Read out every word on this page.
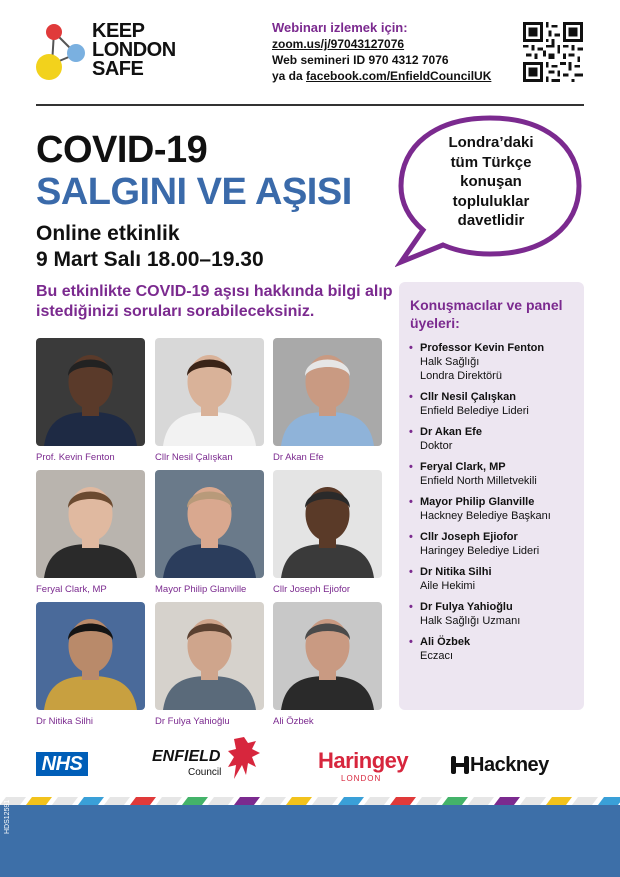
KEEP
LONDON
SAFE
Webinarı izlemek için:
zoom.us/j/97043127076
Web semineri ID 970 4312 7076
ya da facebook.com/EnfieldCouncilUK
COVID-19
SALGINI VE AŞISI
Online etkinlik
9 Mart Salı 18.00–19.30
Londra’daki
tüm Türkçe
konuşan
topluluklar
davetlidir
Bu etkinlikte COVID-19 aşısı hakkında bilgi alıp istediğinizi soruları sorabileceksiniz.	Konuşmacılar ve panel üyeleri:
• Professor Kevin Fenton
Halk Sağlığı
Londra Direktörü
• Cllr Nesil Çalışkan
Enfield Belediye Lideri
• Dr Akan Efe
Doktor
• Feryal Clark, MP
Enfield North Milletvekili
• Mayor Philip Glanville
Hackney Belediye Başkanı
• Cllr Joseph Ejiofor
Haringey Belediye Lideri
• Dr Nitika Silhi
Aile Hekimi
• Dr Fulya Yahioğlu
Halk Sağlığı Uzmanı
• Ali Özbek
Eczacı
Prof. Kevin Fenton	Cllr Nesil Çalışkan	Dr Akan Efe
Feryal Clark, MP	Mayor Philip Glanville	Cllr Joseph Ejiofor
Dr Nitika Silhi	Dr Fulya Yahioğlu	Ali Özbek
NHS	ENFIELD
Council	Haringey
LONDON
Hackney
HDS12591
